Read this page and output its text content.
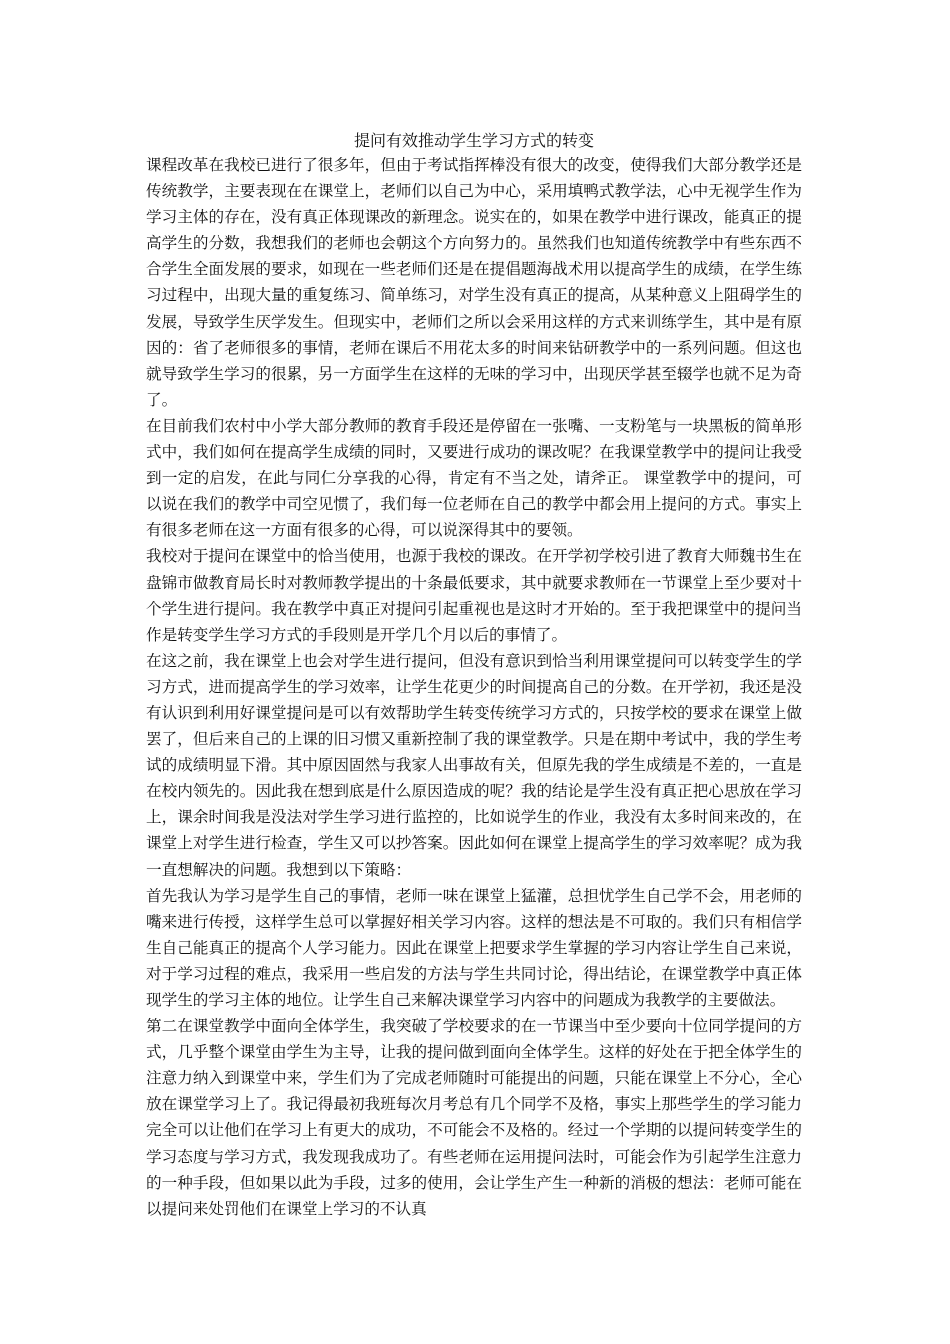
提问有效推动学生学习方式的转变

课程改革在我校已进行了很多年，但由于考试指挥棒没有很大的改变，使得我们大部分教学还是传统教学，主要表现在在课堂上，老师们以自己为中心，采用填鸭式教学法，心中无视学生作为学习主体的存在，没有真正体现课改的新理念。说实在的，如果在教学中进行课改，能真正的提高学生的分数，我想我们的老师也会朝这个方向努力的。虽然我们也知道传统教学中有些东西不合学生全面发展的要求，如现在一些老师们还是在提倡题海战术用以提高学生的成绩，在学生练习过程中，出现大量的重复练习、简单练习，对学生没有真正的提高，从某种意义上阻碍学生的发展，导致学生厌学发生。但现实中，老师们之所以会采用这样的方式来训练学生，其中是有原因的：省了老师很多的事情，老师在课后不用花太多的时间来钻研教学中的一系列问题。但这也就导致学生学习的很累，另一方面学生在这样的无味的学习中，出现厌学甚至辍学也就不足为奇了。

在目前我们农村中小学大部分教师的教育手段还是停留在一张嘴、一支粉笔与一块黑板的简单形式中，我们如何在提高学生成绩的同时，又要进行成功的课改呢？在我课堂教学中的提问让我受到一定的启发，在此与同仁分享我的心得，肯定有不当之处，请斧正。 课堂教学中的提问，可以说在我们的教学中司空见惯了，我们每一位老师在自己的教学中都会用上提问的方式。事实上有很多老师在这一方面有很多的心得，可以说深得其中的要领。

我校对于提问在课堂中的恰当使用，也源于我校的课改。在开学初学校引进了教育大师魏书生在盘锦市做教育局长时对教师教学提出的十条最低要求，其中就要求教师在一节课堂上至少要对十个学生进行提问。我在教学中真正对提问引起重视也是这时才开始的。至于我把课堂中的提问当作是转变学生学习方式的手段则是开学几个月以后的事情了。

在这之前，我在课堂上也会对学生进行提问，但没有意识到恰当利用课堂提问可以转变学生的学习方式，进而提高学生的学习效率，让学生花更少的时间提高自己的分数。在开学初，我还是没有认识到利用好课堂提问是可以有效帮助学生转变传统学习方式的，只按学校的要求在课堂上做罢了，但后来自己的上课的旧习惯又重新控制了我的课堂教学。只是在期中考试中，我的学生考试的成绩明显下滑。其中原因固然与我家人出事故有关，但原先我的学生成绩是不差的，一直是在校内领先的。因此我在想到底是什么原因造成的呢？我的结论是学生没有真正把心思放在学习上，课余时间我是没法对学生学习进行监控的，比如说学生的作业，我没有太多时间来改的，在课堂上对学生进行检查，学生又可以抄答案。因此如何在课堂上提高学生的学习效率呢？成为我一直想解决的问题。我想到以下策略：

首先我认为学习是学生自己的事情，老师一味在课堂上猛灌，总担忧学生自己学不会，用老师的嘴来进行传授，这样学生总可以掌握好相关学习内容。这样的想法是不可取的。我们只有相信学生自己能真正的提高个人学习能力。因此在课堂上把要求学生掌握的学习内容让学生自己来说，对于学习过程的难点，我采用一些启发的方法与学生共同讨论，得出结论，在课堂教学中真正体现学生的学习主体的地位。让学生自己来解决课堂学习内容中的问题成为我教学的主要做法。

第二在课堂教学中面向全体学生，我突破了学校要求的在一节课当中至少要向十位同学提问的方式，几乎整个课堂由学生为主导，让我的提问做到面向全体学生。这样的好处在于把全体学生的注意力纳入到课堂中来，学生们为了完成老师随时可能提出的问题，只能在课堂上不分心，全心放在课堂学习上了。我记得最初我班每次月考总有几个同学不及格，事实上那些学生的学习能力完全可以让他们在学习上有更大的成功，不可能会不及格的。经过一个学期的以提问转变学生的学习态度与学习方式，我发现我成功了。有些老师在运用提问法时，可能会作为引起学生注意力的一种手段，但如果以此为手段，过多的使用，会让学生产生一种新的消极的想法：老师可能在以提问来处罚他们在课堂上学习的不认真
